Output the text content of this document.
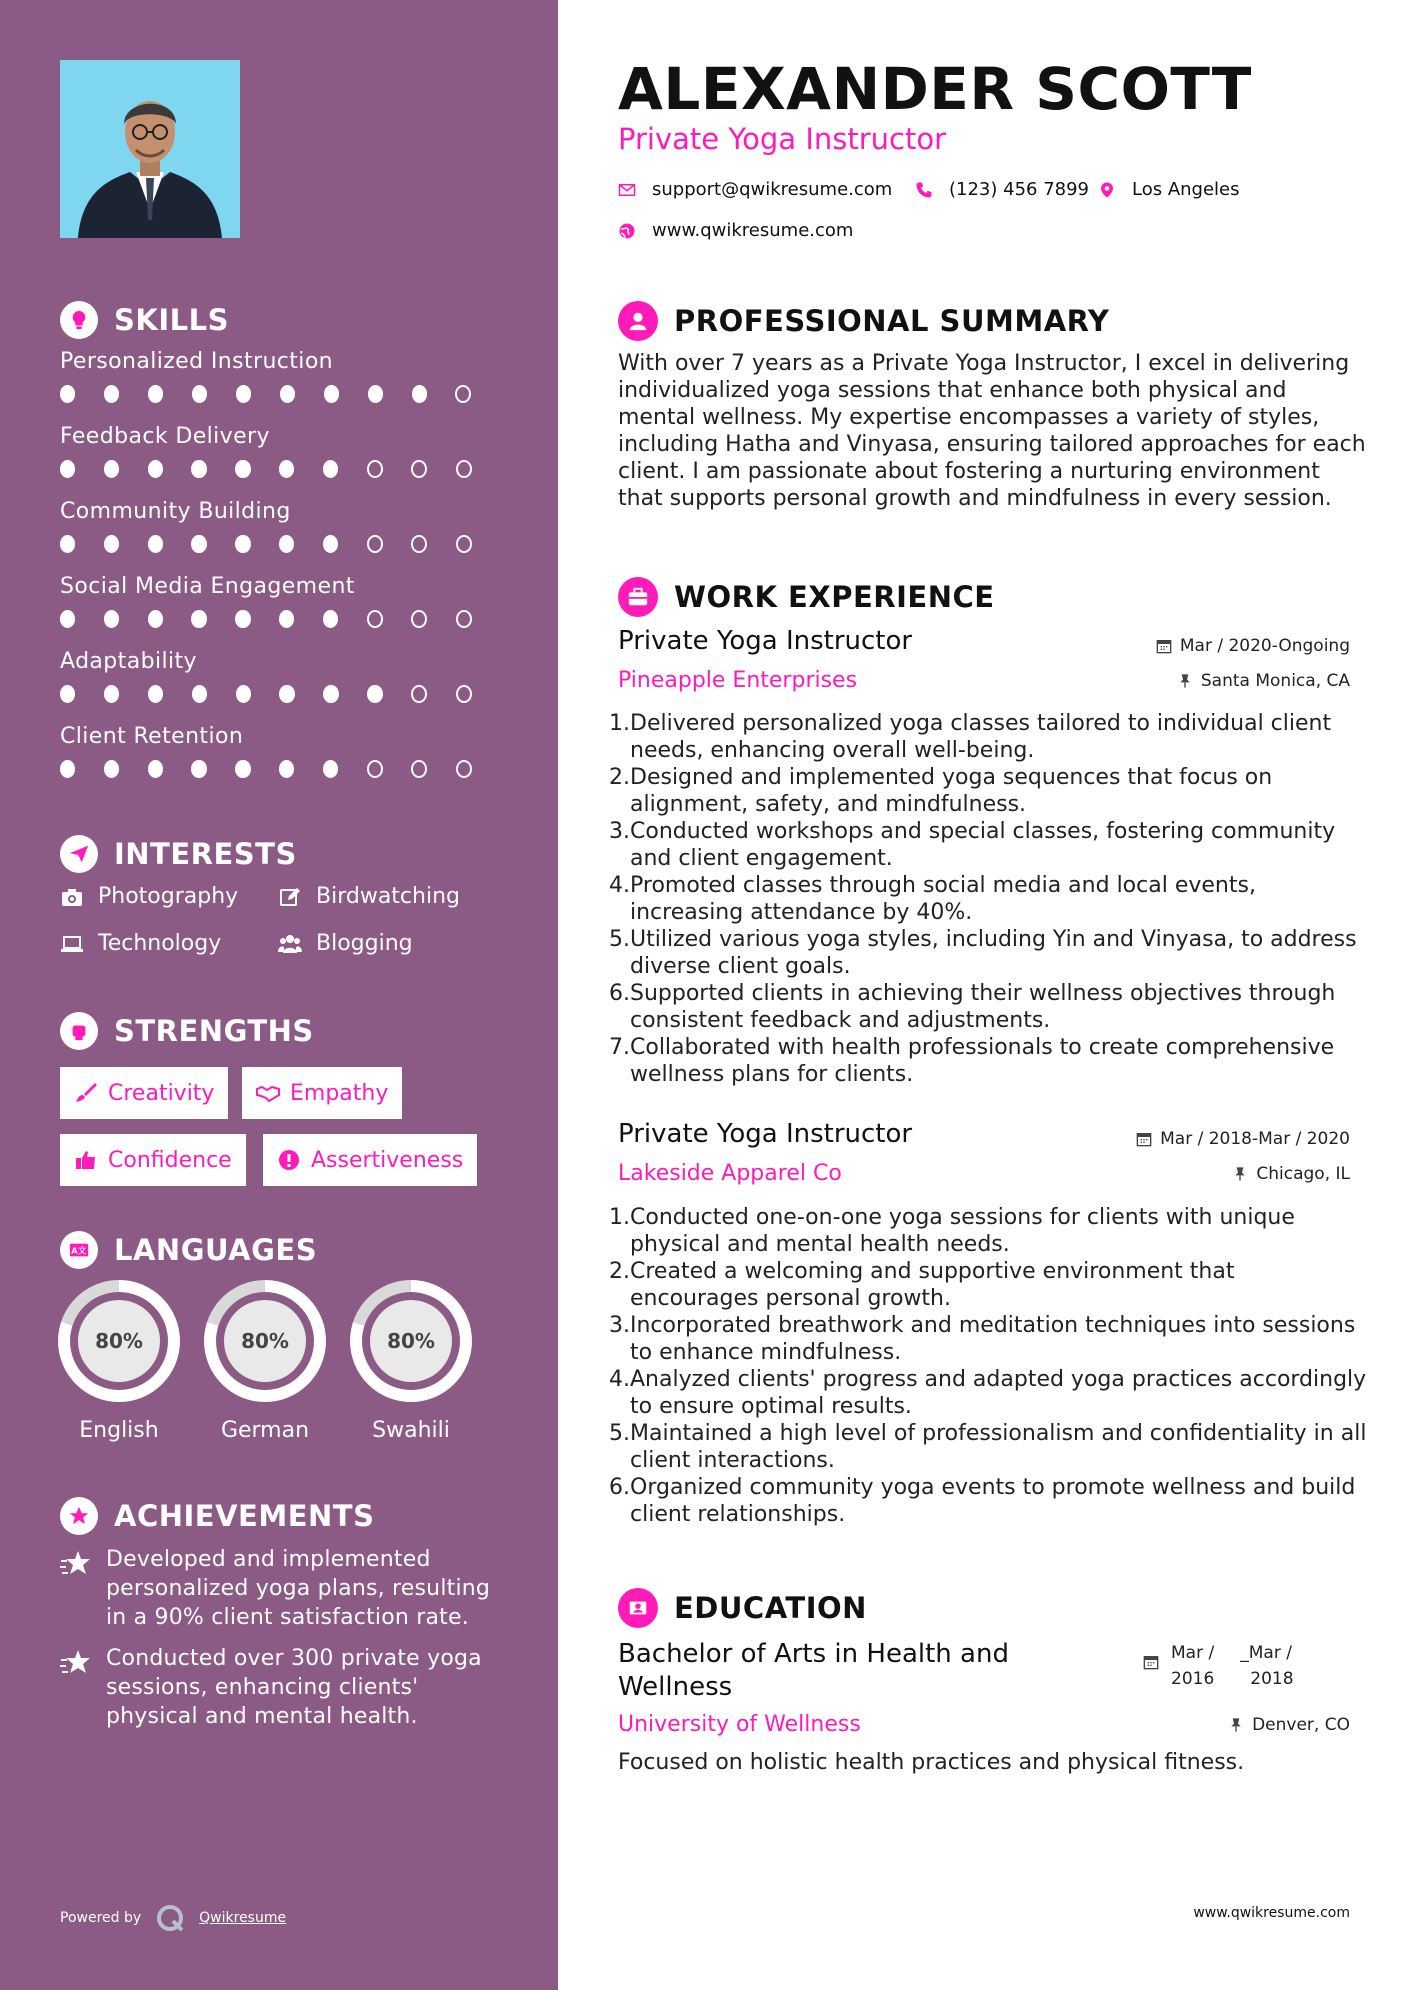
SKILLS
Personalized Instruction
Feedback Delivery
Community Building
Social Media Engagement
Adaptability
Client Retention
INTERESTS
Photography	Birdwatching
Technology	Blogging
STRENGTHS
Creativity	Empathy
Confidence	Assertiveness
A文 LANGUAGES
80%
English
80%
German
80%
Swahili
ACHIEVEMENTS
Developed and implemented personalized yoga plans, resulting in a 90% client satisfaction rate.
Conducted over 300 private yoga sessions, enhancing clients' physical and mental health.
Powered by	Qwikresume
ALEXANDER SCOTT
Private Yoga Instructor
support@qwikresume.com	(123) 456 7899 Los Angeles
www.qwikresume.com
PROFESSIONAL SUMMARY
With over 7 years as a Private Yoga Instructor, I excel in delivering individualized yoga sessions that enhance both physical and mental wellness. My expertise encompasses a variety of styles, including Hatha and Vinyasa, ensuring tailored approaches for each client. I am passionate about fostering a nurturing environment that supports personal growth and mindfulness in every session.
WORK EXPERIENCE
Private Yoga Instructor
Pineapple Enterprises
Mar / 2020-Ongoing
Santa Monica, CA
1. Delivered personalized yoga classes tailored to individual client needs, enhancing overall well-being.
2. Designed and implemented yoga sequences that focus on alignment, safety, and mindfulness.
3. Conducted workshops and special classes, fostering community and client engagement.
4. Promoted classes through social media and local events, increasing attendance by 40%.
5. Utilized various yoga styles, including Yin and Vinyasa, to address diverse client goals.
6. Supported clients in achieving their wellness objectives through consistent feedback and adjustments.
7. Collaborated with health professionals to create comprehensive wellness plans for clients.
Private Yoga Instructor
Lakeside Apparel Co
Mar / 2018-Mar / 2020
Chicago, IL
1. Conducted one-on-one yoga sessions for clients with unique physical and mental health needs.
2. Created a welcoming and supportive environment that encourages personal growth.
3. Incorporated breathwork and meditation techniques into sessions to enhance mindfulness.
4. Analyzed clients' progress and adapted yoga practices accordingly to ensure optimal results.
5. Maintained a high level of professionalism and confidentiality in all client interactions.
6. Organized community yoga events to promote wellness and build client relationships.
EDUCATION
Bachelor of Arts in Health and Wellness
Mar /
2016
_Mar /
2018
University of Wellness	Denver, CO
Focused on holistic health practices and physical fitness.
www.qwikresume.com
